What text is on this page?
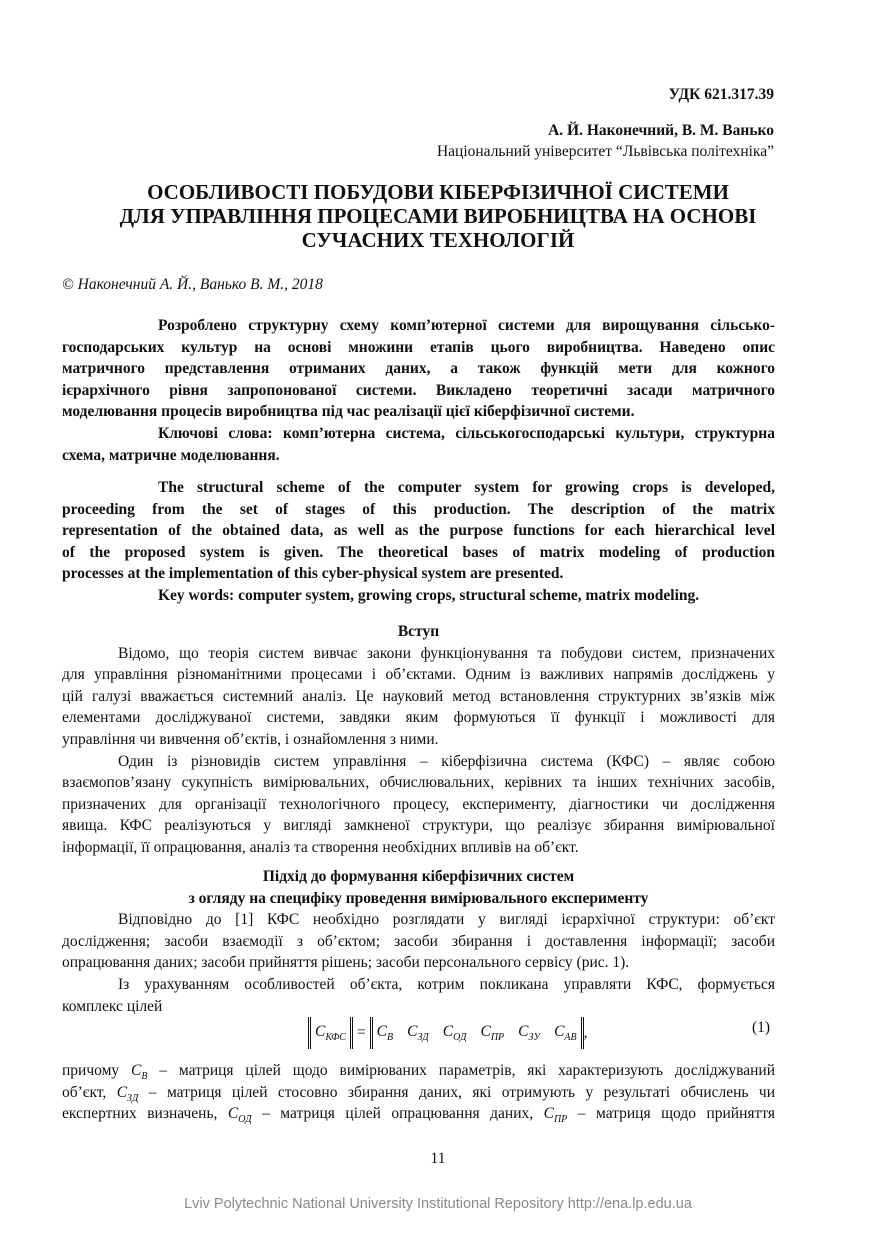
УДК 621.317.39
А. Й. Наконечний, В. М. Ванько
Національний університет “Львівська політехніка”
ОСОБЛИВОСТІ ПОБУДОВИ КІБЕРФІЗИЧНОЇ СИСТЕМИ
ДЛЯ УПРАВЛІННЯ ПРОЦЕСАМИ ВИРОБНИЦТВА НА ОСНОВІ
СУЧАСНИХ ТЕХНОЛОГІЙ
© Наконечний А. Й., Ванько В. М., 2018
Розроблено структурну схему комп’ютерної системи для вирощування сільсько-
господарських культур на основі множини етапів цього виробництва. Наведено опис
матричного представлення отриманих даних, а також функцій мети для кожного
ієрархічного рівня запропонованої системи. Викладено теоретичні засади матричного
моделювання процесів виробництва під час реалізації цієї кіберфізичної системи.
Ключові слова: комп’ютерна система, сільськогосподарські культури, структурна
схема, матричне моделювання.
The structural scheme of the computer system for growing crops is developed,
proceeding from the set of stages of this production. The description of the matrix
representation of the obtained data, as well as the purpose functions for each hierarchical level
of the proposed system is given. The theoretical bases of matrix modeling of production
processes at the implementation of this cyber-physical system are presented.
Key words: computer system, growing crops, structural scheme, matrix modeling.
Вступ
Відомо, що теорія систем вивчає закони функціонування та побудови систем, призначених
для управління різноманітними процесами і об’єктами. Одним із важливих напрямів досліджень у
цій галузі вважається системний аналіз. Це науковий метод встановлення структурних зв’язків між
елементами досліджуваної системи, завдяки яким формуються її функції і можливості для
управління чи вивчення об’єктів, і ознайомлення з ними.
Один із різновидів систем управління – кіберфізична система (КФС) – являє собою
взаємопов’язану сукупність вимірювальних, обчислювальних, керівних та інших технічних засобів,
призначених для організації технологічного процесу, експерименту, діагностики чи дослідження
явища. КФС реалізуються у вигляді замкненої структури, що реалізує збирання вимірювальної
інформації, її опрацювання, аналіз та створення необхідних впливів на об’єкт.
Підхід до формування кіберфізичних систем
з огляду на специфіку проведення вимірювального експерименту
Відповідно до [1] КФС необхідно розглядати у вигляді ієрархічної структури: об’єкт
дослідження; засоби взаємодії з об’єктом; засоби збирання і доставлення інформації; засоби
опрацювання даних; засоби прийняття рішень; засоби персонального сервісу (рис. 1).
Із урахуванням особливостей об’єкта, котрим покликана управляти КФС, формується
комплекс цілей
$C_{КФС} = C_В$ $C_{ЗД}$ $C_{ОД}$ $C_{ПР}$ $C_{ЗУ}$ $C_{АВ}$ ,	(1)
причому $C_В$ – матриця цілей щодо вимірюваних параметрів, які характеризують досліджуваний
об’єкт, $C_{ЗД}$ – матриця цілей стосовно збирання даних, які отримують у результаті обчислень чи
експертних визначень, $C_{ОД}$ – матриця цілей опрацювання даних, $C_{ПР}$ – матриця щодо прийняття
11
Lviv Polytechnic National University Institutional Repository http://ena.lp.edu.ua
